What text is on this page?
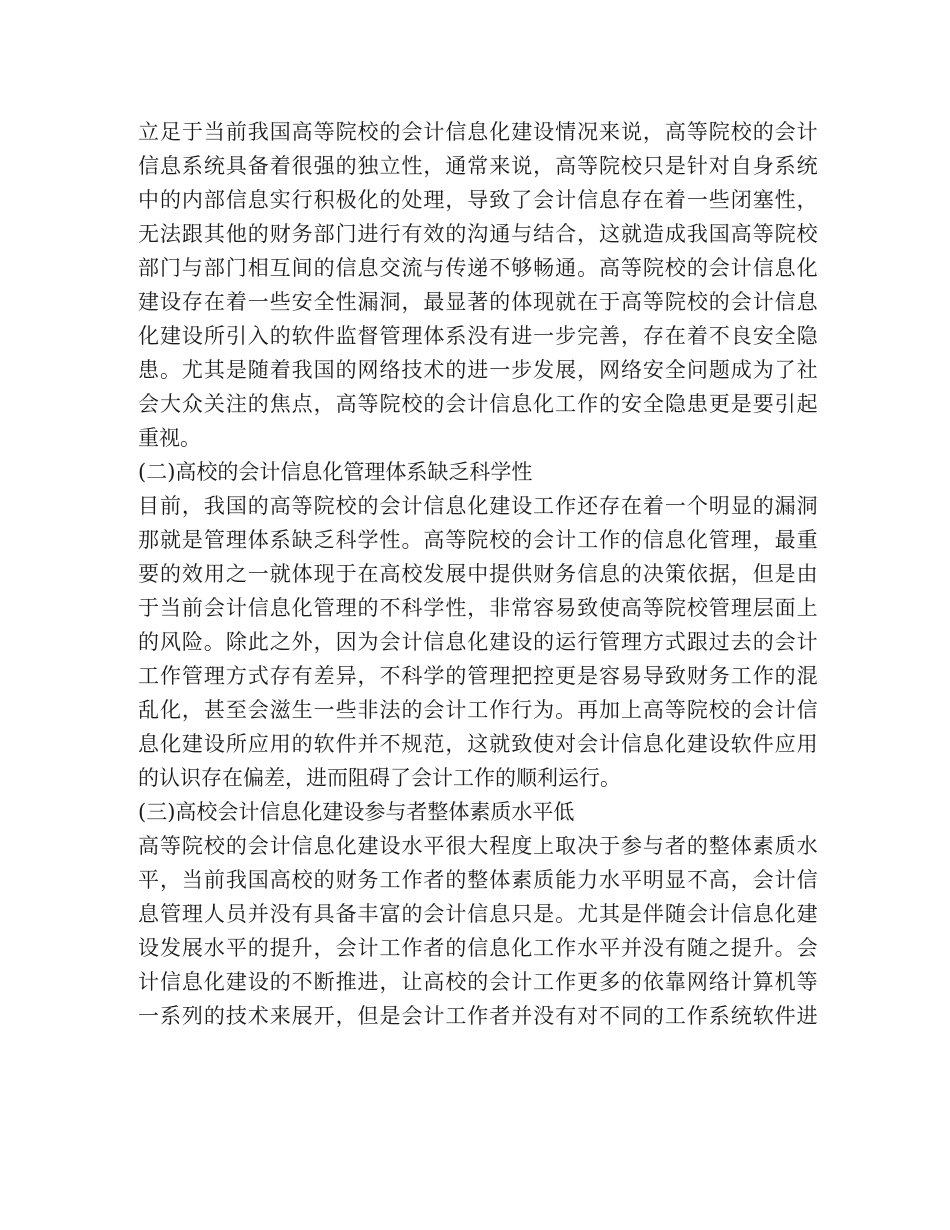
立 足 于 当 前 我 国 高 等 院 校 的 会 计 信 息 化 建 设 情 况 来 说 ， 高 等 院 校 的 会 计
信 息 系 统 具 备 着 很 强 的 独 立 性 ， 通 常 来 说 ， 高 等 院 校 只 是 针 对 自 身 系 统
中 的 内 部 信 息 实 行 积 极 化 的 处 理 ， 导 致 了 会 计 信 息 存 在 着 一 些 闭 塞 性 ，
无 法 跟 其 他 的 财 务 部 门 进 行 有 效 的 沟 通 与 结 合 ， 这 就 造 成 我 国 高 等 院 校
部 门 与 部 门 相 互 间 的 信 息 交 流 与 传 递 不 够 畅 通 。 高 等 院 校 的 会 计 信 息 化
建 设 存 在 着 一 些 安 全 性 漏 洞 ， 最 显 著 的 体 现 就 在 于 高 等 院 校 的 会 计 信 息
化 建 设 所 引 入 的 软 件 监 督 管 理 体 系 没 有 进 一 步 完 善 ， 存 在 着 不 良 安 全 隐
患 。 尤 其 是 随 着 我 国 的 网 络 技 术 的 进 一 步 发 展 ， 网 络 安 全 问 题 成 为 了 社
会 大 众 关 注 的 焦 点 ， 高 等 院 校 的 会 计 信 息 化 工 作 的 安 全 隐 患 更 是 要 引 起
重视。
(二)高校的会计信息化管理体系缺乏科学性
目 前 ， 我 国 的 高 等 院 校 的 会 计 信 息 化 建 设 工 作 还 存 在 着 一 个 明 显 的 漏 洞
那 就 是 管 理 体 系 缺 乏 科 学 性 。 高 等 院 校 的 会 计 工 作 的 信 息 化 管 理 ， 最 重
要 的 效 用 之 一 就 体 现 于 在 高 校 发 展 中 提 供 财 务 信 息 的 决 策 依 据 ， 但 是 由
于 当 前 会 计 信 息 化 管 理 的 不 科 学 性 ， 非 常 容 易 致 使 高 等 院 校 管 理 层 面 上
的 风 险 。 除 此 之 外 ， 因 为 会 计 信 息 化 建 设 的 运 行 管 理 方 式 跟 过 去 的 会 计
工 作 管 理 方 式 存 有 差 异 ， 不 科 学 的 管 理 把 控 更 是 容 易 导 致 财 务 工 作 的 混
乱 化 ， 甚 至 会 滋 生 一 些 非 法 的 会 计 工 作 行 为 。 再 加 上 高 等 院 校 的 会 计 信
息 化 建 设 所 应 用 的 软 件 并 不 规 范 ， 这 就 致 使 对 会 计 信 息 化 建 设 软 件 应 用
的认识存在偏差，进而阻碍了会计工作的顺利运行。
(三)高校会计信息化建设参与者整体素质水平低
高 等 院 校 的 会 计 信 息 化 建 设 水 平 很 大 程 度 上 取 决 于 参 与 者 的 整 体 素 质 水
平 ， 当 前 我 国 高 校 的 财 务 工 作 者 的 整 体 素 质 能 力 水 平 明 显 不 高 ， 会 计 信
息 管 理 人 员 并 没 有 具 备 丰 富 的 会 计 信 息 只 是 。 尤 其 是 伴 随 会 计 信 息 化 建
设 发 展 水 平 的 提 升 ， 会 计 工 作 者 的 信 息 化 工 作 水 平 并 没 有 随 之 提 升 。 会
计 信 息 化 建 设 的 不 断 推 进 ， 让 高 校 的 会 计 工 作 更 多 的 依 靠 网 络 计 算 机 等
一 系 列 的 技 术 来 展 开 ， 但 是 会 计 工 作 者 并 没 有 对 不 同 的 工 作 系 统 软 件 进
